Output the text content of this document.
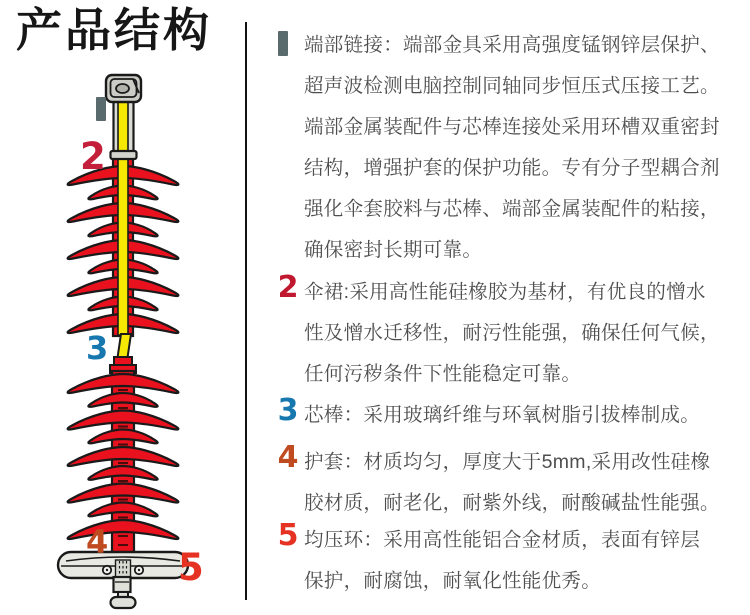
产品结构
2
3
4
5
端部链接：端部金具采用高强度锰钢锌层保护、
超声波检测电脑控制同轴同步恒压式压接工艺。
端部金属装配件与芯棒连接处采用环槽双重密封
结构，增强护套的保护功能。专有分子型耦合剂
强化伞套胶料与芯棒、端部金属装配件的粘接，
确保密封长期可靠。
2 伞裙:采用高性能硅橡胶为基材，有优良的憎水
性及憎水迁移性，耐污性能强，确保任何气候，
任何污秽条件下性能稳定可靠。
3 芯棒：采用玻璃纤维与环氧树脂引拔棒制成。
4 护套：材质均匀，厚度大于5mm,采用改性硅橡
胶材质，耐老化，耐紫外线，耐酸碱盐性能强。
5 均压环：采用高性能铝合金材质，表面有锌层
保护，耐腐蚀，耐氧化性能优秀。
